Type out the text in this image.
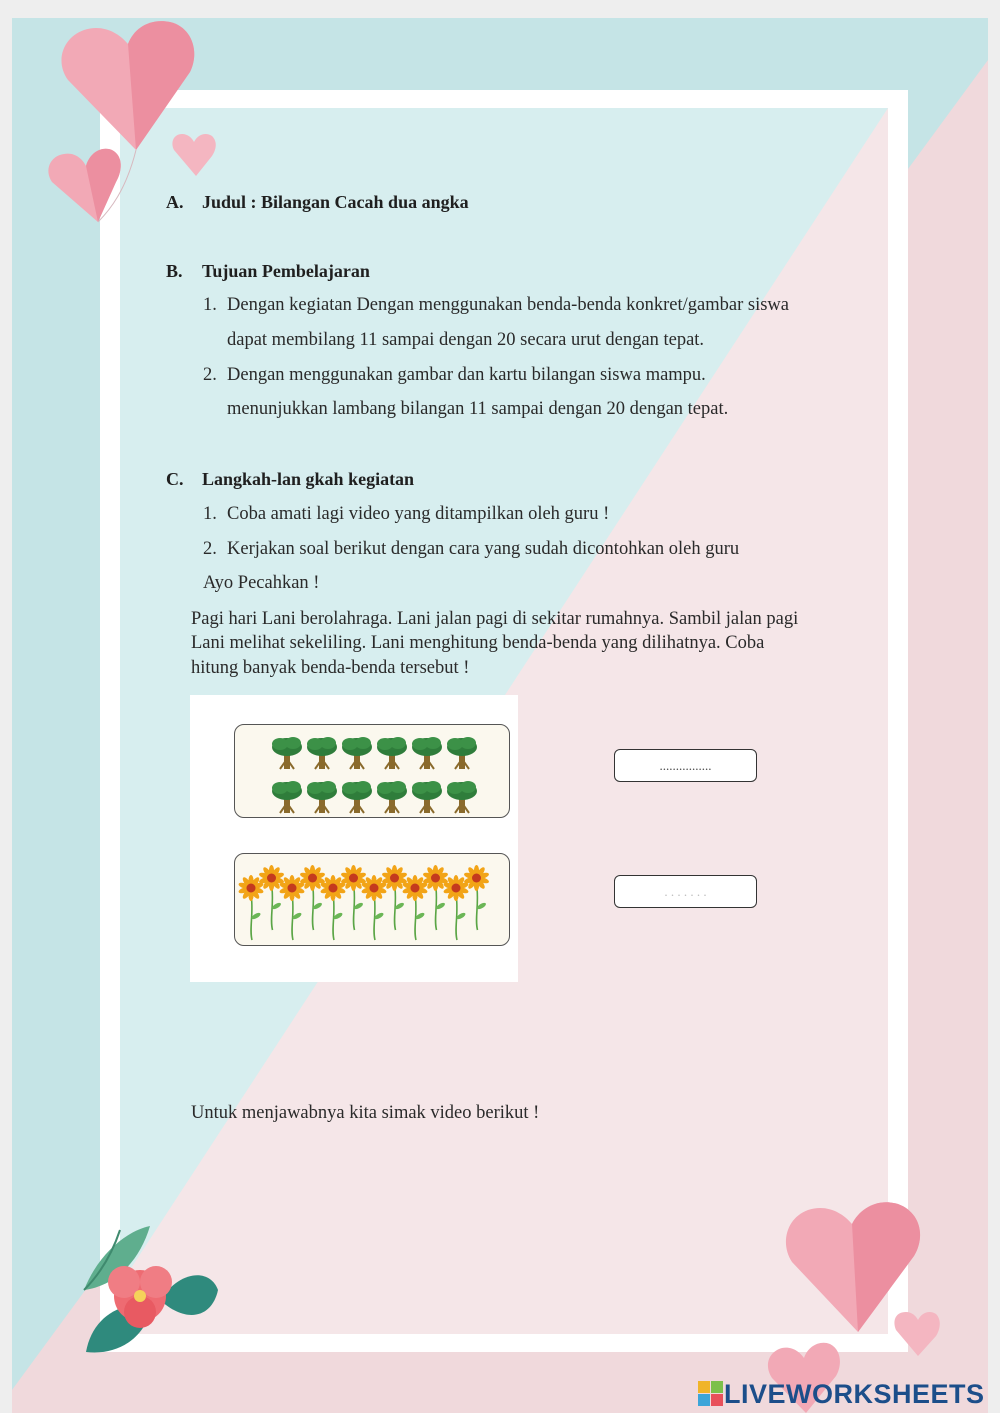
A. Judul : Bilangan Cacah dua angka
B. Tujuan Pembelajaran
1. Dengan kegiatan Dengan menggunakan benda-benda konkret/gambar siswa
dapat membilang 11 sampai dengan 20 secara urut dengan tepat.
2. Dengan menggunakan gambar dan kartu bilangan siswa mampu.
menunjukkan lambang bilangan 11 sampai dengan 20 dengan tepat.
C. Langkah-lan gkah kegiatan
1. Coba amati lagi video yang ditampilkan oleh guru !
2. Kerjakan soal berikut dengan cara yang sudah dicontohkan oleh guru
Ayo Pecahkan !
Pagi hari Lani berolahraga. Lani jalan pagi di sekitar rumahnya. Sambil jalan pagi
Lani melihat sekeliling. Lani menghitung benda-benda yang dilihatnya. Coba
hitung banyak benda-benda tersebut !
................
. . . . . . .
Untuk menjawabnya kita simak video berikut !
LIVEWORKSHEETS
